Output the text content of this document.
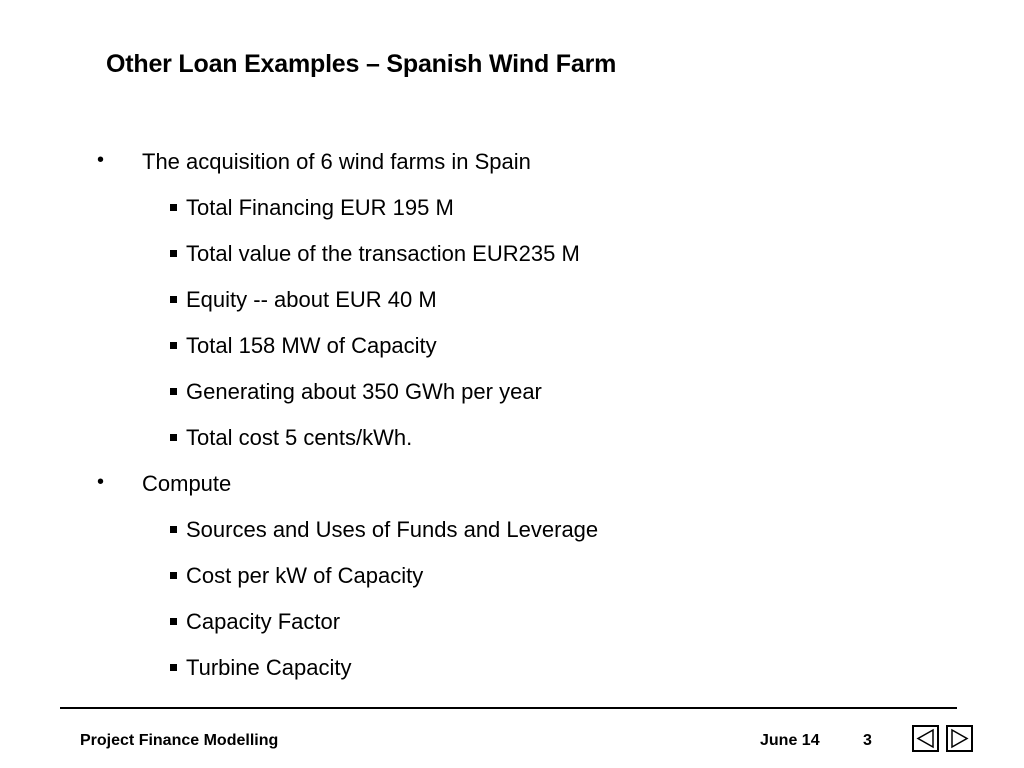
Other Loan Examples – Spanish Wind Farm
• The acquisition of 6 wind farms in Spain
Total Financing EUR 195 M
Total value of the transaction EUR235 M
Equity -- about EUR 40 M
Total 158 MW of Capacity
Generating about 350 GWh per year
Total cost 5 cents/kWh.
• Compute
Sources and Uses of Funds and Leverage
Cost per kW of Capacity
Capacity Factor
Turbine Capacity
Project Finance Modelling	June 14	3
